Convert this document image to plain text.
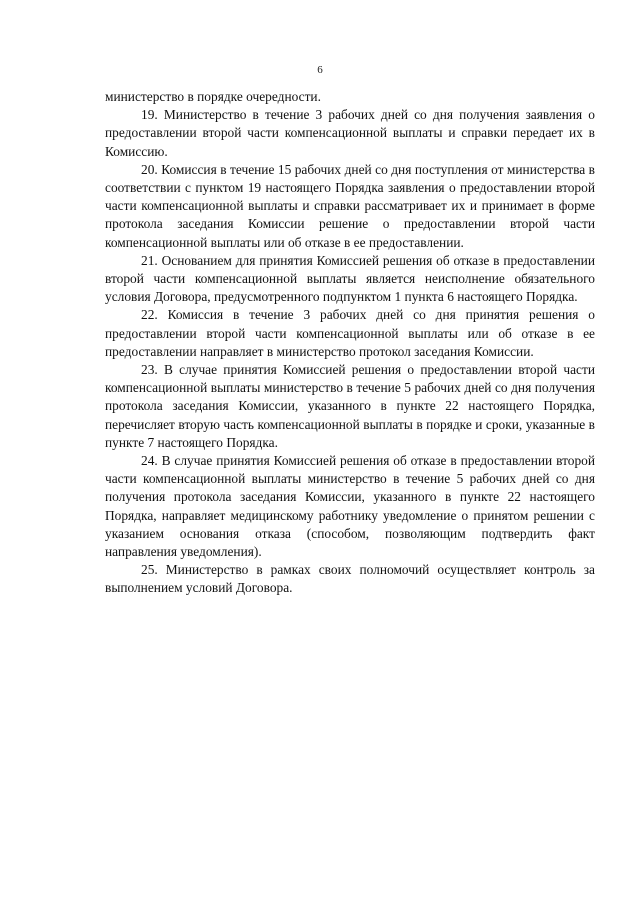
6

министерство в порядке очередности.

19. Министерство в течение 3 рабочих дней со дня получения заявления о предоставлении второй части компенсационной выплаты и справки передает их в Комиссию.

20. Комиссия в течение 15 рабочих дней со дня поступления от министерства в соответствии с пунктом 19 настоящего Порядка заявления о предоставлении второй части компенсационной выплаты и справки рассматривает их и принимает в форме протокола заседания Комиссии решение о предоставлении второй части компенсационной выплаты или об отказе в ее предоставлении.

21. Основанием для принятия Комиссией решения об отказе в предоставлении второй части компенсационной выплаты является неисполнение обязательного условия Договора, предусмотренного подпунктом 1 пункта 6 настоящего Порядка.

22. Комиссия в течение 3 рабочих дней со дня принятия решения о предоставлении второй части компенсационной выплаты или об отказе в ее предоставлении направляет в министерство протокол заседания Комиссии.

23. В случае принятия Комиссией решения о предоставлении второй части компенсационной выплаты министерство в течение 5 рабочих дней со дня получения протокола заседания Комиссии, указанного в пункте 22 настоящего Порядка, перечисляет вторую часть компенсационной выплаты в порядке и сроки, указанные в пункте 7 настоящего Порядка.

24. В случае принятия Комиссией решения об отказе в предоставлении второй части компенсационной выплаты министерство в течение 5 рабочих дней со дня получения протокола заседания Комиссии, указанного в пункте 22 настоящего Порядка, направляет медицинскому работнику уведомление о принятом решении с указанием основания отказа (способом, позволяющим подтвердить факт направления уведомления).

25. Министерство в рамках своих полномочий осуществляет контроль за выполнением условий Договора.
